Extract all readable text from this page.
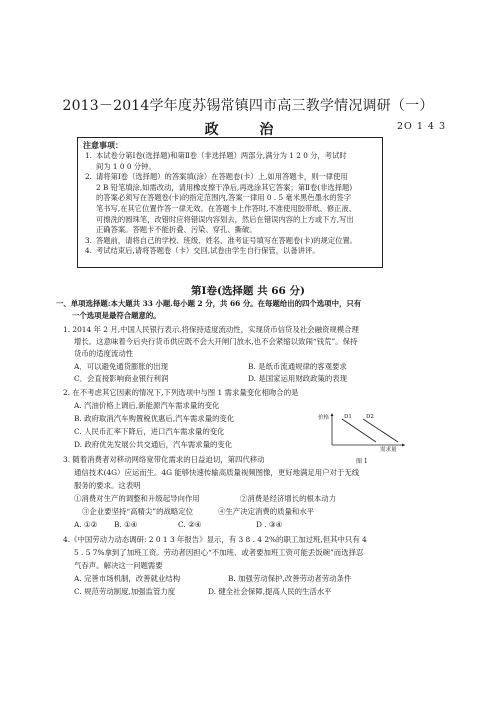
2013－2014学年度苏锡常镇四市高三教学情况调研（一）
政 治	2O 1 4 3
注意事项：
1. 本试卷分第Ⅰ卷(选择题)和第Ⅱ卷（非选择题）两部分,满分为 1 2 0 分，考试时
间为 1 0 0 分钟。
2. 请将第Ⅰ卷（选择题）的答案填(涂）在答题卷(卡）上,如用答题卡，则一律使用
2 B 铅笔填涂,如需改动，请用橡皮擦干净后,再选涂其它答案；第Ⅱ卷(非选择题)
的答案必须写在答题卷(卡)的指定范围内,答案一律用 0 . 5 毫米黑色墨水的签字
笔书写,在其它位置作答一律无效。在答题卡上作答时,不准使用胶带纸、修正液、
可擦洗的圆珠笔，改错时应将错误内容划去，然后在错误内容的上方或下方,写出
正确答案。答题卡不能折叠、污染、穿孔、撕破。
3. 答题前，请将自己的学校、班级、姓名、准考证号填写在答题卷(卡)的规定位置。
4. 考试结束后,请将答题卷（卡）交回,试卷由学生自行保管，以备讲评。
第Ⅰ卷(选择题 共 66 分)
一、单项选择题:本大题共 33 小题.每小题 2 分，共 66 分。在每题给出的四个选项中，只有
一个选项是最符合题意的。
1. 2014 年 2 月,中国人民银行表示,将保持适度流动性，实现货币信贷及社会融资规模合理
增长。这意味着今后央行货币供应既不会大开闸门放水,也不会紧缩以致闹“钱荒”。保持
货币的适度流动性
A．可以避免通货膨胀的出现	B. 是纸币流通规律的客观要求
C．会直接影响商业银行利润	D. 是国家运用财政政策的表现
2. 在不考虑其它因素的情况下,下列选项中与图 1 需求量变化相吻合的是
A. 汽油价格上调后,新能源汽车需求量的变化
B. 政府取消汽车购置税优惠后,汽车需求量的变化
C. 人民币汇率下降后，进口汽车需求量的变化
D. 政府优先发展公共交通后，汽车需求量的变化
价格	D1	D2
需求量
图 1
3. 随着消费者对移动网络宽带化需求的日益迫切，第四代移动
通信技术(4G）应运而生。4G 能够快速传输高质量视频图像，更好地满足用户对于无线
服务的要求。这表明
①消费对生产的调整和升级起导向作用	②消费是经济增长的根本动力
③企业要坚持“高精尖”的战略定位	④生产决定消费的质量和水平
A. ①② B. ①④	C. ②④	D . ③④
4.《中国劳动力动态调研: 2 0 1 3 年报告》显示，有 3 8 . 4 2%的职工加过班,但其中只有 4
5 . 5 7%拿到了加班工资。劳动者因担心“不加班、或者要加班工资可能丢饭碗”而选择忍
气吞声。解决这一问题需要
A. 完善市场机制，改善就业结构	B. 加强劳动保护,改善劳动者劳动条件
C. 规范劳动制度,加强监管力度	D. 健全社会保障,提高人民的生活水平
